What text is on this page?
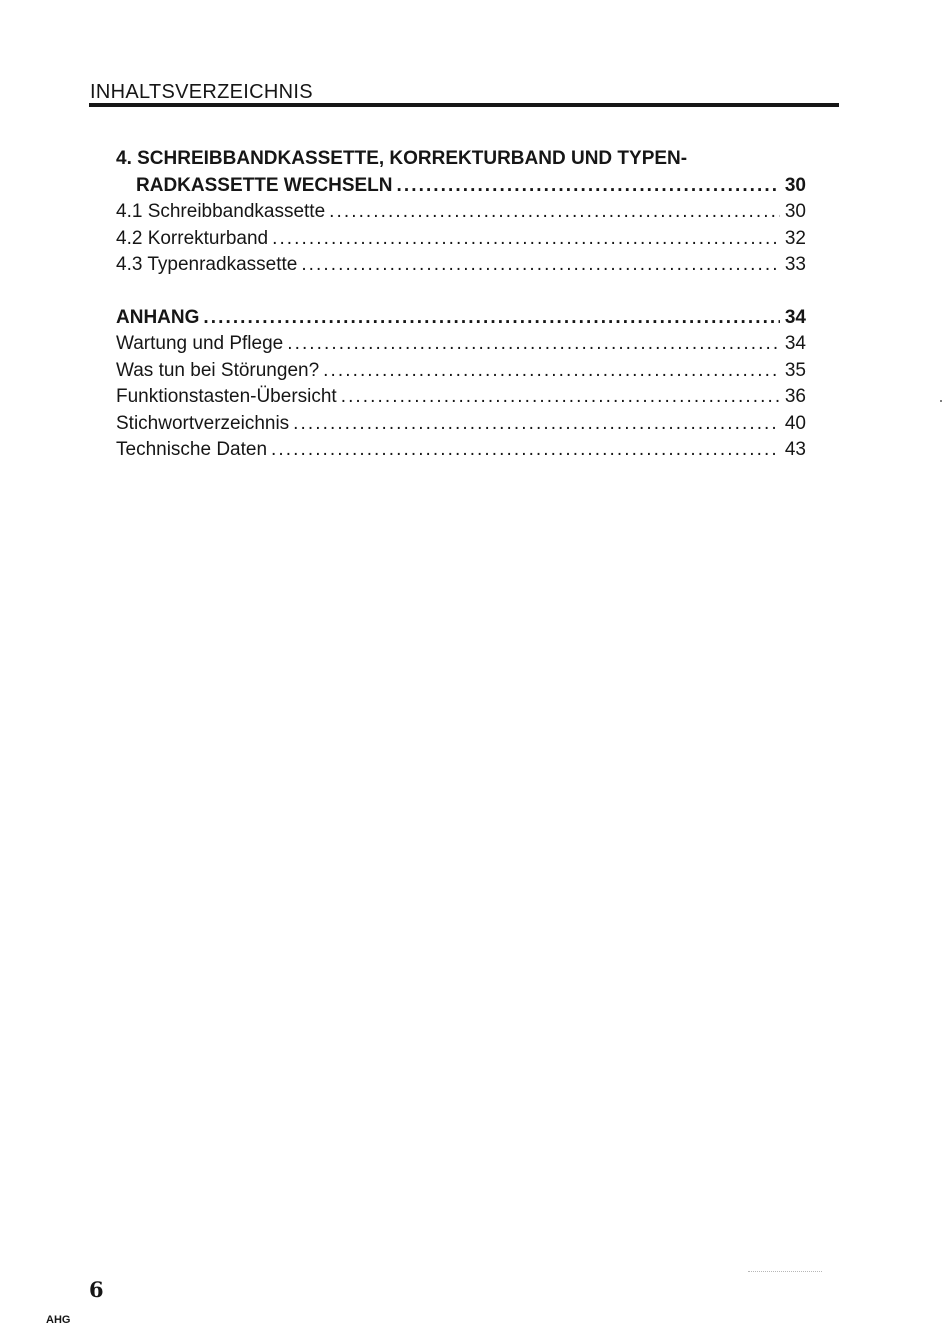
INHALTSVERZEICHNIS
4. SCHREIBBANDKASSETTE, KORREKTURBAND UND TYPEN-
RADKASSETTE WECHSELN . . .	30
4.1 Schreibbandkassette . . .	30
4.2 Korrekturband . . .	32
4.3 Typenradkassette . . .	33
ANHANG . . .	34
Wartung und Pflege . . .	34
Was tun bei Störungen? . . .	35
Funktionstasten-Übersicht . . .	36
Stichwortverzeichnis . . .	40
Technische Daten . . .	43
6
AHG
